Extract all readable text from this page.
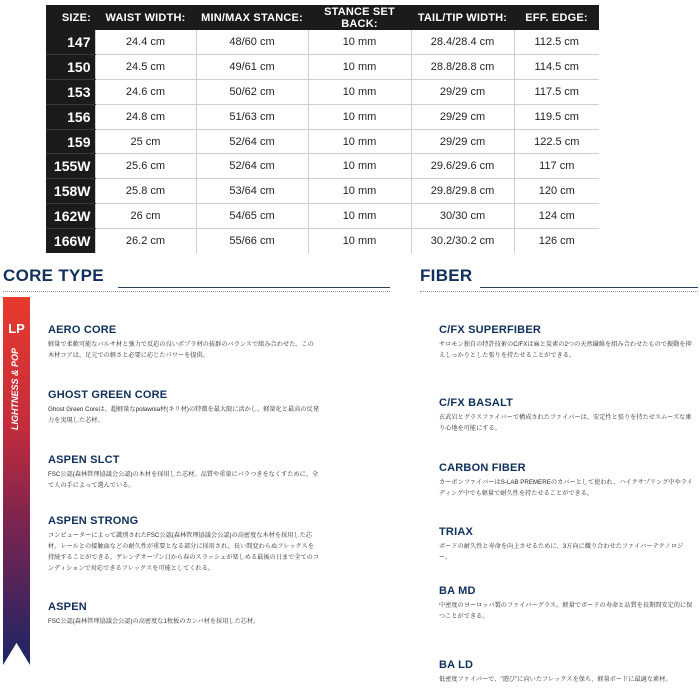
SIZE:	WAIST WIDTH:	MIN/MAX STANCE:	STANCE SET BACK:	TAIL/TIP WIDTH:	EFF. EDGE:
147	24.4 cm	48/60 cm	10 mm	28.4/28.4 cm	112.5 cm
150	24.5 cm	49/61 cm	10 mm	28.8/28.8 cm	114.5 cm
153	24.6 cm	50/62 cm	10 mm	29/29 cm	117.5 cm
156	24.8 cm	51/63 cm	10 mm	29/29 cm	119.5 cm
159	25 cm	52/64 cm	10 mm	29/29 cm	122.5 cm
155W	25.6 cm	52/64 cm	10 mm	29.6/29.6 cm	117 cm
158W	25.8 cm	53/64 cm	10 mm	29.8/29.8 cm	120 cm
162W	26 cm	54/65 cm	10 mm	30/30 cm	124 cm
166W	26.2 cm	55/66 cm	10 mm	30.2/30.2 cm	126 cm
CORE TYPE	FIBER
LP AERO CORE

軽量で柔軟可能なバルサ材と強力で反応の良いポプラ材の抜群のバランスで組み合わせた。この木材コアは、足元での軽さと必要に応じたパワーを提供。

GHOST GREEN CORE

Ghost Green Coreは、超軽量なpolawnia材(キリ材)の特徴を最大限に活かし、軽量化と最高の反発力を実現した芯材。

ASPEN SLCT

FSC公認(森林管理協議会公認)の木材を採用した芯材。品質や重量にバラつきをなくすために、全て人の手によって選んでいる。

ASPEN STRONG

コンピューターによって識別されたFSC公認(森林管理協議会公認)の高密度な木材を採用した芯材。レールとの接触面などの耐久性が重要となる部分に採用され、長い間変わらぬフレックスを持続することができる。ゲレンデオープン日から春のスラッシュが楽しめる最後の日まで全てのコンディションで対応できるフレックスを可能としてくれる。

ASPEN

FSC公認(森林管理協議会公認)の高密度な1枚板のカンバ材を採用した芯材。

C/FX SUPERFIBER

サロモン独自の特許技術のC/FXは麻と炭素の2つの天然繊維を組み合わせたもので振動を抑えしっかりとした張りを持たせることができる。

C/FX BASALT

玄武岩とグラスファイバーで構成されたファイバーは、安定性と張りを持たせスムーズな乗り心地を可能にする。

CARBON FIBER

カーボンファイバーはS-LAB PREMEREのカバーとして使われ、ハイクサプリング中やライディング中でも軽量で耐久性を持たせることができる。

TRIAX

ボードの耐久性と寿命を向上させるために、3方向に織り合わせたファイバーテクノロジー。

BA MD

中密度のヨーロッパ製のファイバーグラス。軽量でボードの寿命と品質を長期間安定的に保つことができる。

BA LD

低密度ファイバーで、"遊び"に向いたフレックスを保ち、軽量ボードに最適な素材。
